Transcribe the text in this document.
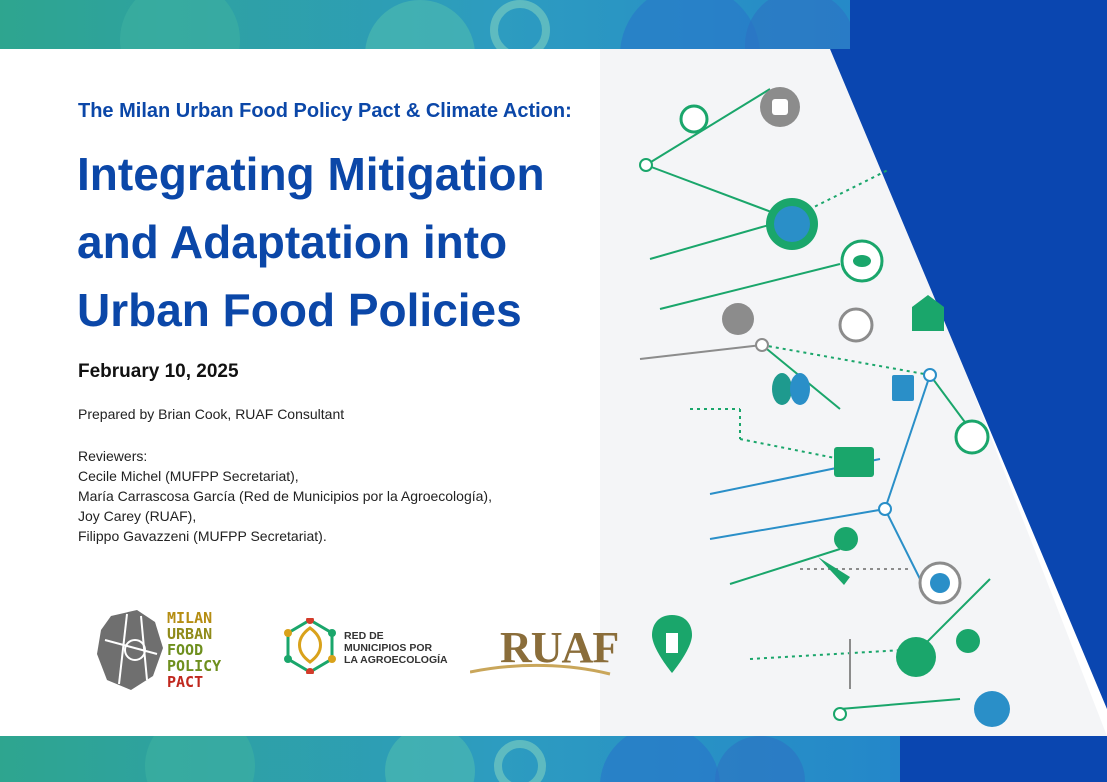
The Milan Urban Food Policy Pact & Climate Action:
Integrating Mitigation
and Adaptation into
Urban Food Policies
February 10, 2025
Prepared by Brian Cook, RUAF Consultant
Reviewers:
Cecile Michel (MUFPP Secretariat),
María Carrascosa García (Red de Municipios por la Agroecología),
Joy Carey (RUAF),
Filippo Gavazzeni (MUFPP Secretariat).
MILAN
URBAN
FOOD
POLICY
PACT
RED DE
MUNICIPIOS POR
LA AGROECOLOGÍA RUAF
